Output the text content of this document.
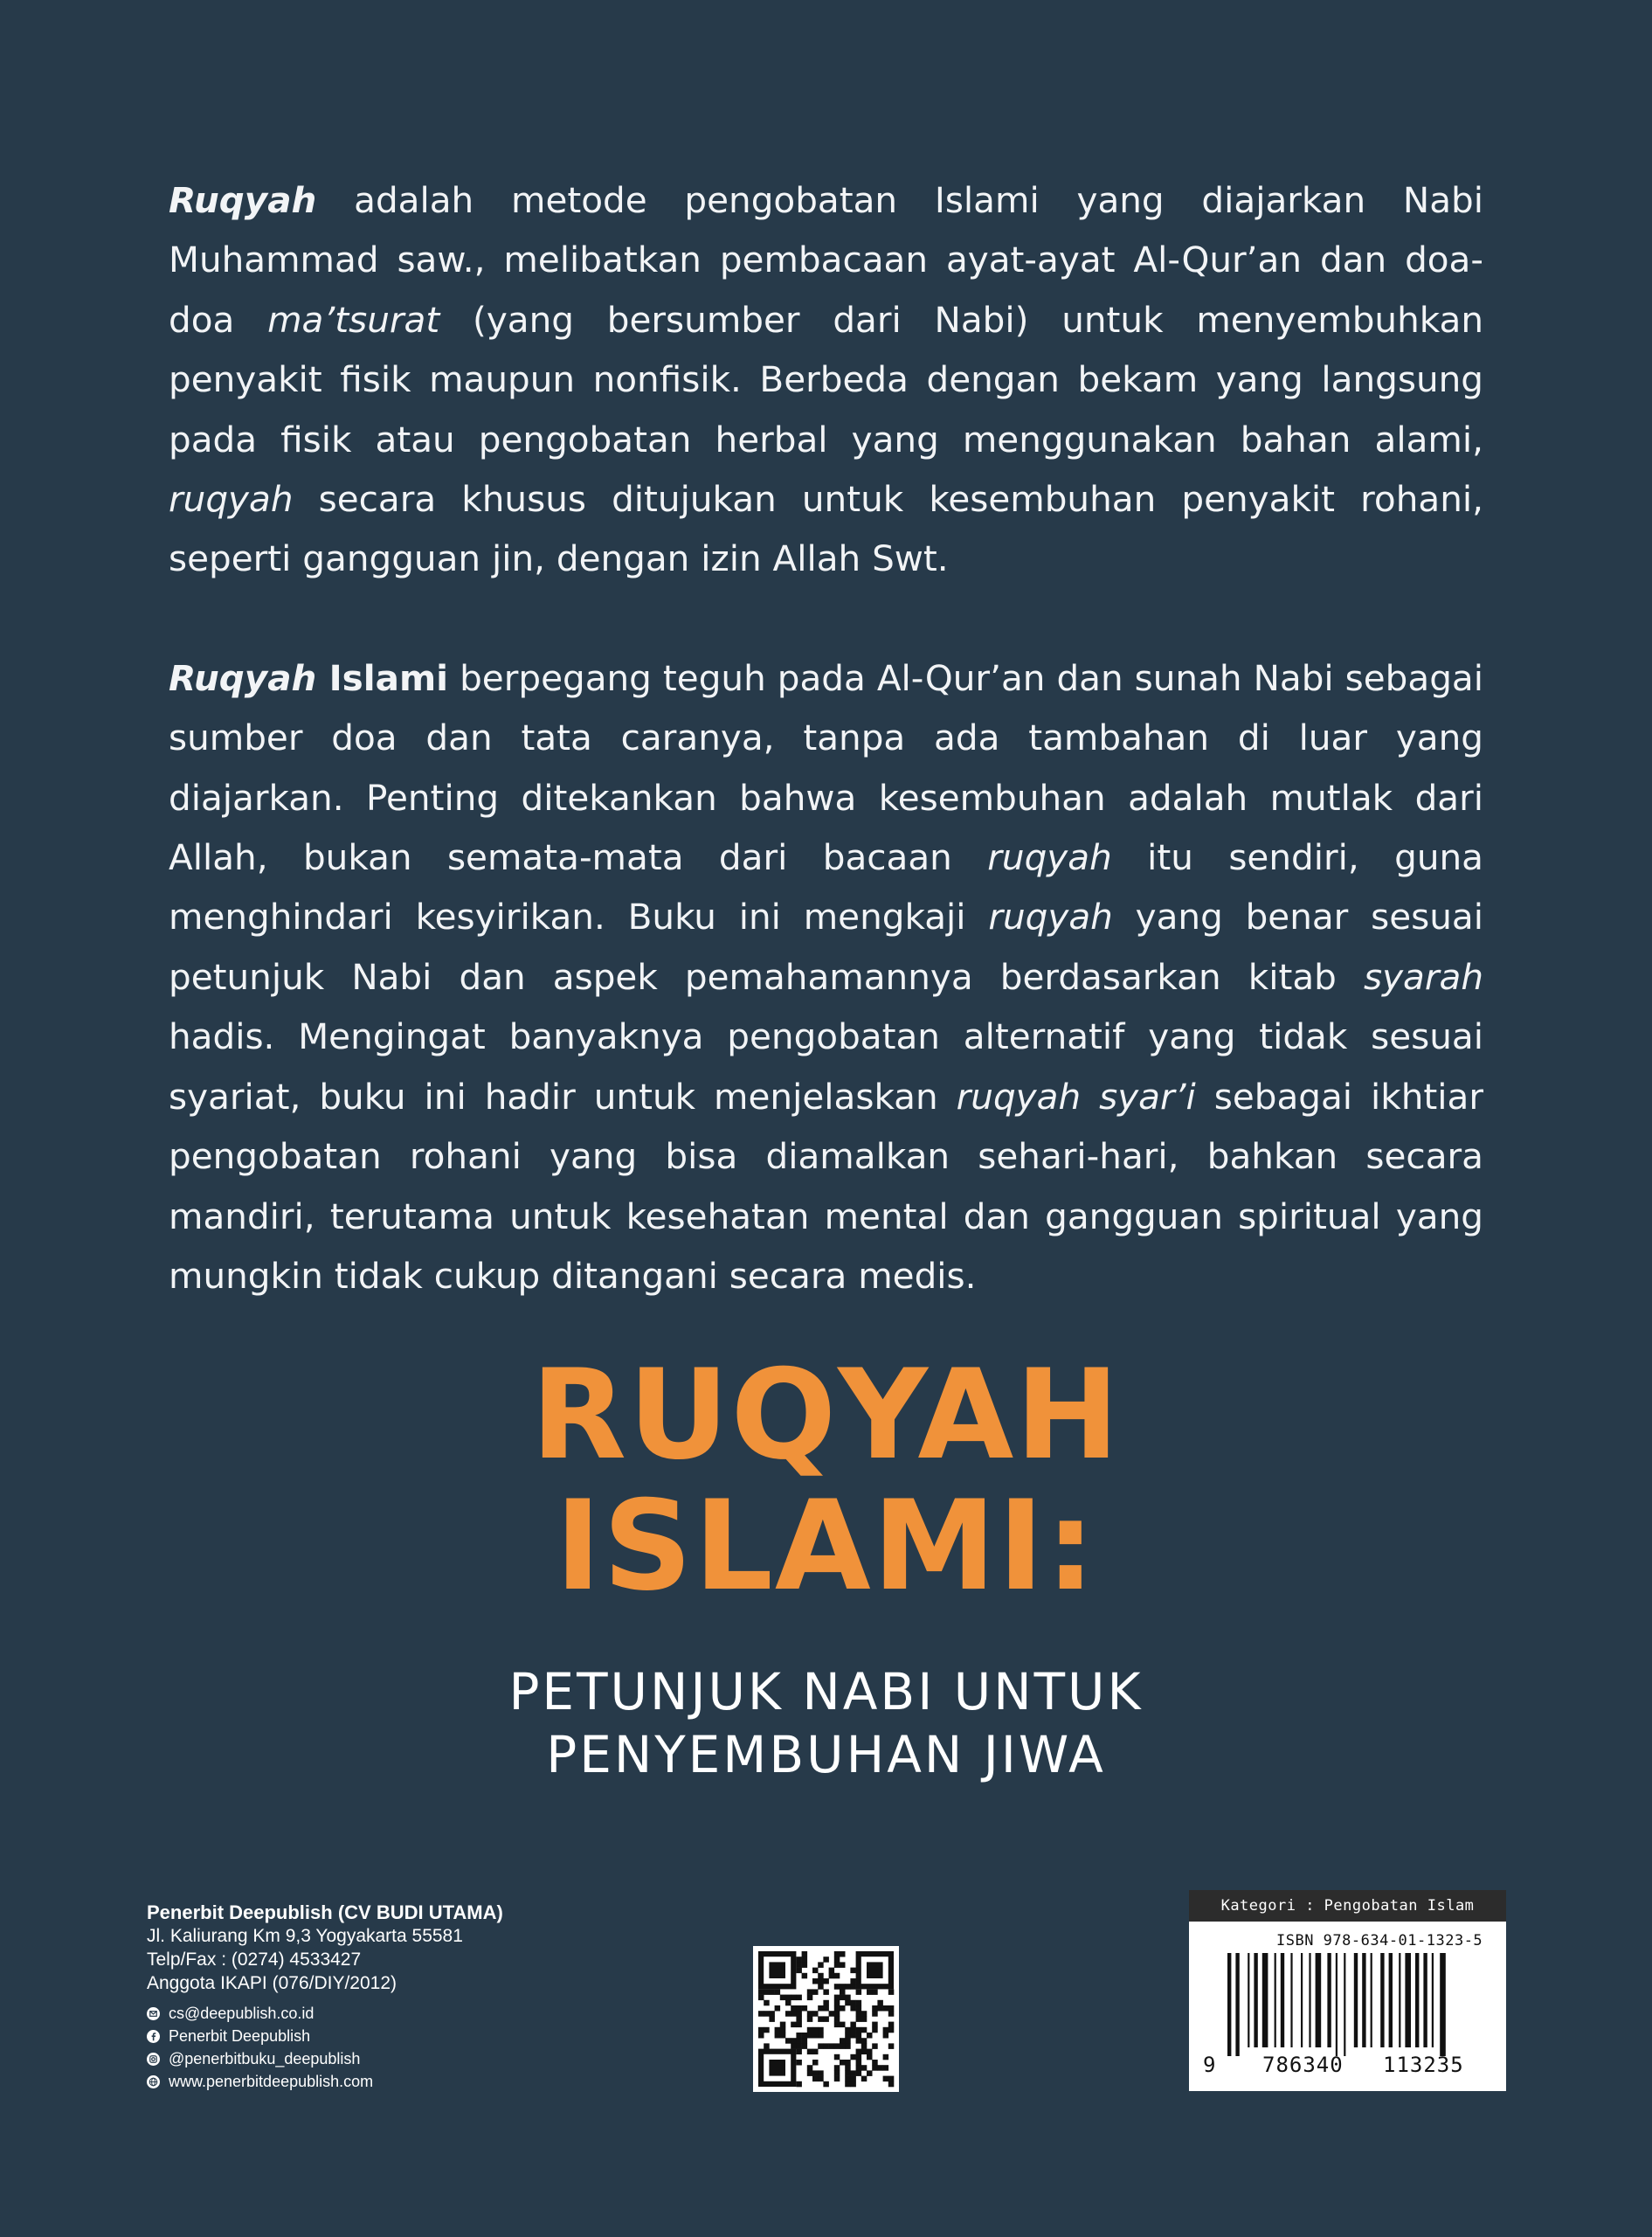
Ruqyah adalah metode pengobatan Islami yang diajarkan Nabi Muhammad saw., melibatkan pembacaan ayat-ayat Al-Qur’an dan doa-doa ma’tsurat (yang bersumber dari Nabi) untuk menyembuhkan penyakit fisik maupun nonfisik. Berbeda dengan bekam yang langsung pada fisik atau pengobatan herbal yang menggunakan bahan alami, ruqyah secara khusus ditujukan untuk kesembuhan penyakit rohani, seperti gangguan jin, dengan izin Allah Swt.

Ruqyah Islami berpegang teguh pada Al-Qur’an dan sunah Nabi sebagai sumber doa dan tata caranya, tanpa ada tambahan di luar yang diajarkan. Penting ditekankan bahwa kesembuhan adalah mutlak dari Allah, bukan semata-mata dari bacaan ruqyah itu sendiri, guna menghindari kesyirikan. Buku ini mengkaji ruqyah yang benar sesuai petunjuk Nabi dan aspek pemahamannya berdasarkan kitab syarah hadis. Mengingat banyaknya pengobatan alternatif yang tidak sesuai syariat, buku ini hadir untuk menjelaskan ruqyah syar’i sebagai ikhtiar pengobatan rohani yang bisa diamalkan sehari-hari, bahkan secara mandiri, terutama untuk kesehatan mental dan gangguan spiritual yang mungkin tidak cukup ditangani secara medis.

RUQYAH
ISLAMI:
PETUNJUK NABI UNTUK
PENYEMBUHAN JIWA
Penerbit Deepublish (CV BUDI UTAMA)
Jl. Kaliurang Km 9,3 Yogyakarta 55581
Telp/Fax : (0274) 4533427
Anggota IKAPI (076/DIY/2012)
cs@deepublish.co.id
Penerbit Deepublish
@penerbitbuku_deepublish
www.penerbitdeepublish.com
Kategori : Pengobatan Islam
ISBN 978-634-01-1323-5
9 786340 113235
